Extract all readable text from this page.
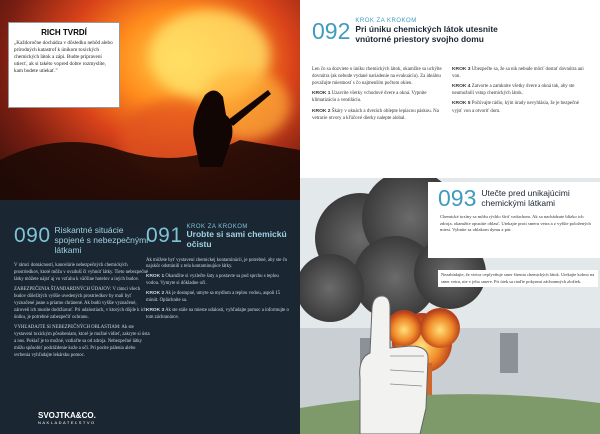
RICH TVRDÍ
„Každoročne dochádza v dôsledku nehôd alebo prírodných katastrof k únikom toxických chemických látok a zápi. Budte pripravení utiecť, ak si takéto vopred dobre rozmyslíte, kam budete utiekať."
090 Riskantné situácie spojené s nebezpečnými látkami

V rámci domácností, kancelárie nebezpečných chemických prostriedkov, ktoré môžu v ovzduší či vyhnúť látky. Tieto nebezpečné látky môžete nájsť aj vo vzťahu k väčšine hotelov a iných budov.

ZABEZPEČENIA ŠTANDARDNÝCH ÚDAJOV: V rámci všech budov dôležitých vyššie uvedených prostriedkov by mali byť vyznačené jasne a priamo chránené. Ak budú vyššie vyznačené, zároveň ich musíte dodržiavať. Pri udalostiach, v ktorých dôjde k ich úniku, je potrebné zabezpečiť ochranu.

VYHĽADAJTE SI NEBEZPEČNÝCH OBLASTIAM: Ak ste vystavení toxickým pôsobeniam, ktoré je možné vidieť, zakryte si ústa a nos. Pokiaľ je to možné, vzdiaľte sa od zdroja. Nebezpečné látky môžu spôsobiť podráždenie kože a očí. Pri pocite pálenia alebo svrbenia vyhľadajte lekársku pomoc.

091 KROK ZA KROKOM
Urobte si sami chemickú očistu

Ak môžete byť vystavení chemickej kontaminácii, je potrebné, aby ste čo najskôr odstránili z tela kontaminujúce látky.

KROK 1 Okamžite si vyzlečte šaty a postavte sa pod sprchu s teplou vodou. Vymyte si dôkladne oči.

KROK 2 Ak je dostupné, umyte sa mydlom a teplou vodou, aspoň 15 minút. Opláchnite sa.

KROK 3 Ak ste stále na mieste udalosti, vyhľadajte pomoc a informujte o tom záchranárov.

SVOJTKA&CO.
NAKLADATEĽSTVO
092 KROK ZA KROKOM
Pri úniku chemických látok utesnite vnútorné priestory svojho domu

Len čo sa dozviete o úniku chemických látok, okamžite sa uchýlte dovnútra (ak nebude vydané nariadenie na evakuáciu). Za ideálnu považujte miestnosť s čo najmenším počtom okien.

KROK 1 Uzavrite všetky vchodové dvere a okná. Vypnite klimatizáciu a ventiláciu.

KROK 2 Škáry v oknách a dverách oblepte lepiacou páskou. Na vetracie otvory a kľúčové dierky nalepte alobal.

KROK 3 Ubezpečte sa, že sa nik nebude môcť dostať dovnútra ani von.

KROK 4 Zatvorte a zamknite všetky dvere a okná tak, aby ste neumožnili vstup chemických látok.

KROK 5 Počúvajte rádio, kým úrady nevyhlásia, že je bezpečné vyjsť von a otvoriť dom.

093 Utečte pred unikajúcimi chemickými látkami
Chemické toxíny sa môžu rýchlo šíriť vzduchom. Ak sa nachádzate blízko ich zdroja, okamžite opustite oblasť. Utekajte proti smeru vetra a z vyššie položených miest. Vyhnite sa oblakom dymu a pár.
Nezabúdajte, že vietor ovplyvňuje smer šírenia chemických látok. Utekajte kolmo na smer vetra, nie v jeho smere. Pri útek sa riaďte pokynmi záchranných zložiek.
